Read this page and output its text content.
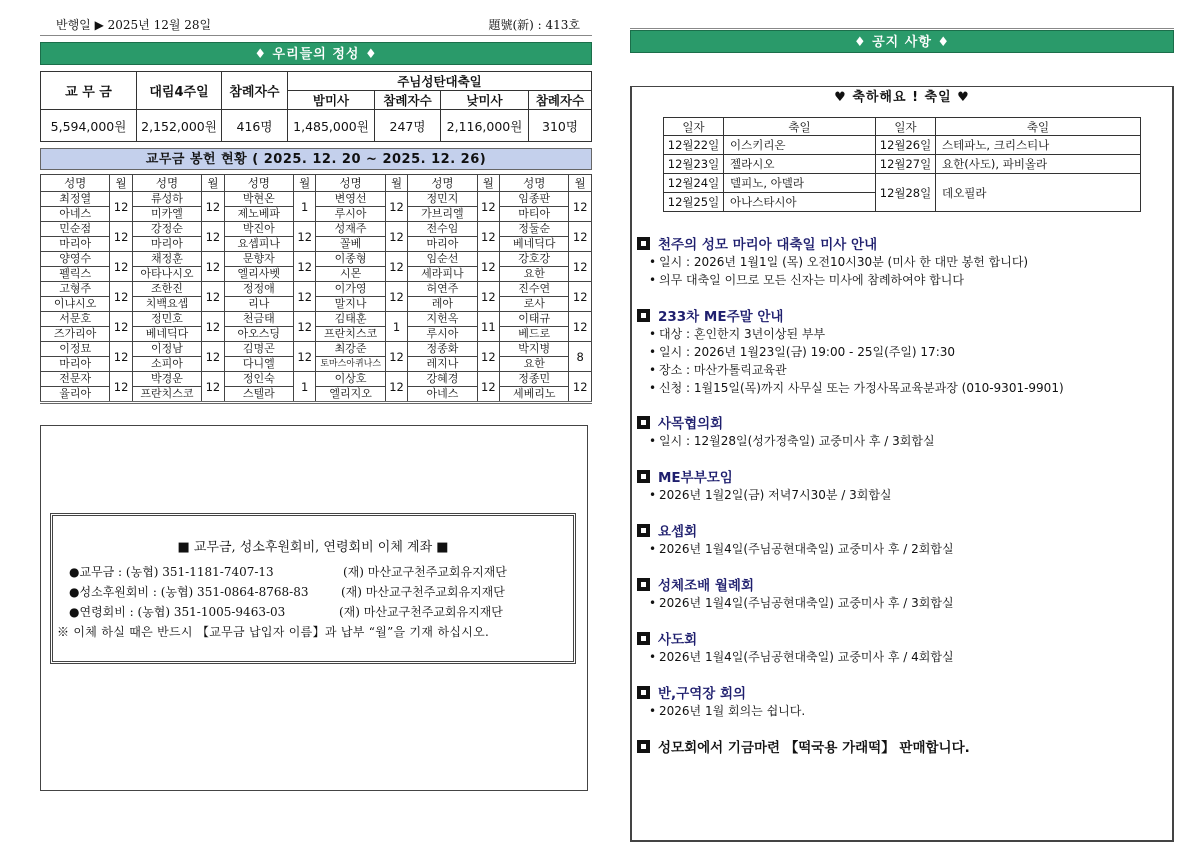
반행일 ▶ 2025년 12월 28일	題號(新) : 413호
♦ 우리들의 정성 ♦
교 무 금	대림4주일	참례자수	주님성탄대축일			
			밤미사	참례자수	낮미사	참례자수
5,594,000원	2,152,000원	416명	1,485,000원	247명	2,116,000원	310명
교무금 봉헌 현황 ( 2025. 12. 20 ~ 2025. 12. 26)
성명	월	성명	월	성명	월	성명	월	성명	월	성명	월
최정열	12	류성하	12	박현온	1	변영선	12	정민지	12	임종판	12
아네스		미카엘		제노베파		루시아		가브리엘		마티아	
민순점	12	강정순	12	박진아	12	성재주	12	전수임	12	정둘순	12
마리아		마리아		요셉피나		꼴베		마리아		베네딕다	
양영수	12	채정훈	12	문향자	12	이종형	12	임순선	12	강호강	12
펠릭스		아타나시오		엘리사벳		시몬		세라피나		요한	
고형주	12	조한진	12	정정애	12	이가영	12	허연주	12	진수연	12
이냐시오		치백요셉		리나		말지나		레아		로사	
서문호	12	정민호	12	천금태	12	김태훈	1	지헌옥	11	이태규	12
즈가리아		베네딕다		아오스딩		프란치스코		루시아		베드로	
이정묘	12	이정남	12	김명곤	12	최강준	12	정종화	12	박지병	8
마리아		소피아		다니엘		토마스아퀴나스		레지나		요한	
전문자	12	박경운	12	정인숙	1	이상호	12	강혜경	12	정종민	12
율리아		프란치스코		스텔라		엘리지오		아네스		세베리노	
■ 교무금, 성소후원회비, 연령회비 이체 계좌 ■
●교무금 : (농협) 351-1181-7407-13	(재) 마산교구천주교회유지재단
●성소후원회비 : (농협) 351-0864-8768-83	(재) 마산교구천주교회유지재단
●연령회비 : (농협) 351-1005-9463-03	(재) 마산교구천주교회유지재단
※ 이체 하실 때은 반드시 【교무금 납입자 이름】과 납부 “월”을 기재 하십시오.
♦ 공지 사항 ♦
♥ 축하해요 ! 축일 ♥
일자	축일	일자	축일
12월22일	이스키리온	12월26일	스테파노, 크리스티나
12월23일	젤라시오	12월27일	요한(사도), 파비올라
12월24일	델피노, 아델라	12월28일	데오필라
12월25일	아나스타시아		
천주의 성모 마리아 대축일 미사 안내
• 일시 : 2026년 1월1일 (목) 오전10시30분 (미사 한 대만 봉헌 합니다)
• 의무 대축일 이므로 모든 신자는 미사에 참례하여야 합니다
233차 ME주말 안내
• 대상 : 혼인한지 3년이상된 부부
• 일시 : 2026년 1월23일(금) 19:00 - 25일(주일) 17:30
• 장소 : 마산가톨릭교육관
• 신청 : 1월15일(목)까지 사무실 또는 가정사목교육분과장 (010-9301-9901)
사목협의회
• 일시 : 12월28일(성가정축일) 교중미사 후 / 3회합실
ME부부모임
• 2026년 1월2일(금) 저녁7시30분 / 3회합실
요셉회
• 2026년 1월4일(주님공현대축일) 교중미사 후 / 2회합실
성체조배 월례회
• 2026년 1월4일(주님공현대축일) 교중미사 후 / 3회합실
사도회
• 2026년 1월4일(주님공현대축일) 교중미사 후 / 4회합실
반,구역장 회의
• 2026년 1월 회의는 쉽니다.
성모회에서 기금마련 【떡국용 가래떡】 판매합니다.
